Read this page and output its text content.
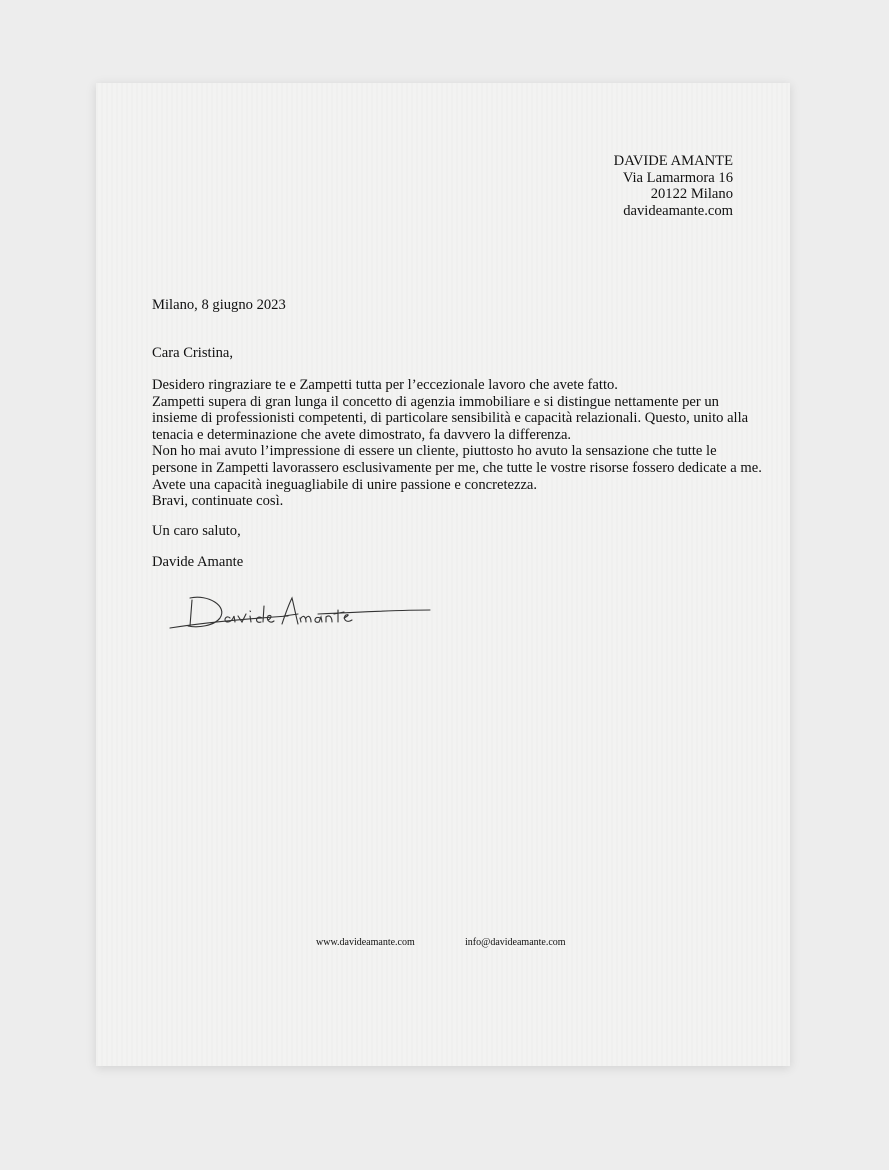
DAVIDE AMANTE
Via Lamarmora 16
20122 Milano
davideamante.com
Milano, 8 giugno 2023
Cara Cristina,
Desidero ringraziare te e Zampetti tutta per l’eccezionale lavoro che avete fatto.
Zampetti supera di gran lunga il concetto di agenzia immobiliare e si distingue nettamente per un
insieme di professionisti competenti, di particolare sensibilità e capacità relazionali. Questo, unito alla
tenacia e determinazione che avete dimostrato, fa davvero la differenza.
Non ho mai avuto l’impressione di essere un cliente, piuttosto ho avuto la sensazione che tutte le
persone in Zampetti lavorassero esclusivamente per me, che tutte le vostre risorse fossero dedicate a me.
Avete una capacità ineguagliabile di unire passione e concretezza.
Bravi, continuate così.
Un caro saluto,
Davide Amante
www.davideamante.com	info@davideamante.com
